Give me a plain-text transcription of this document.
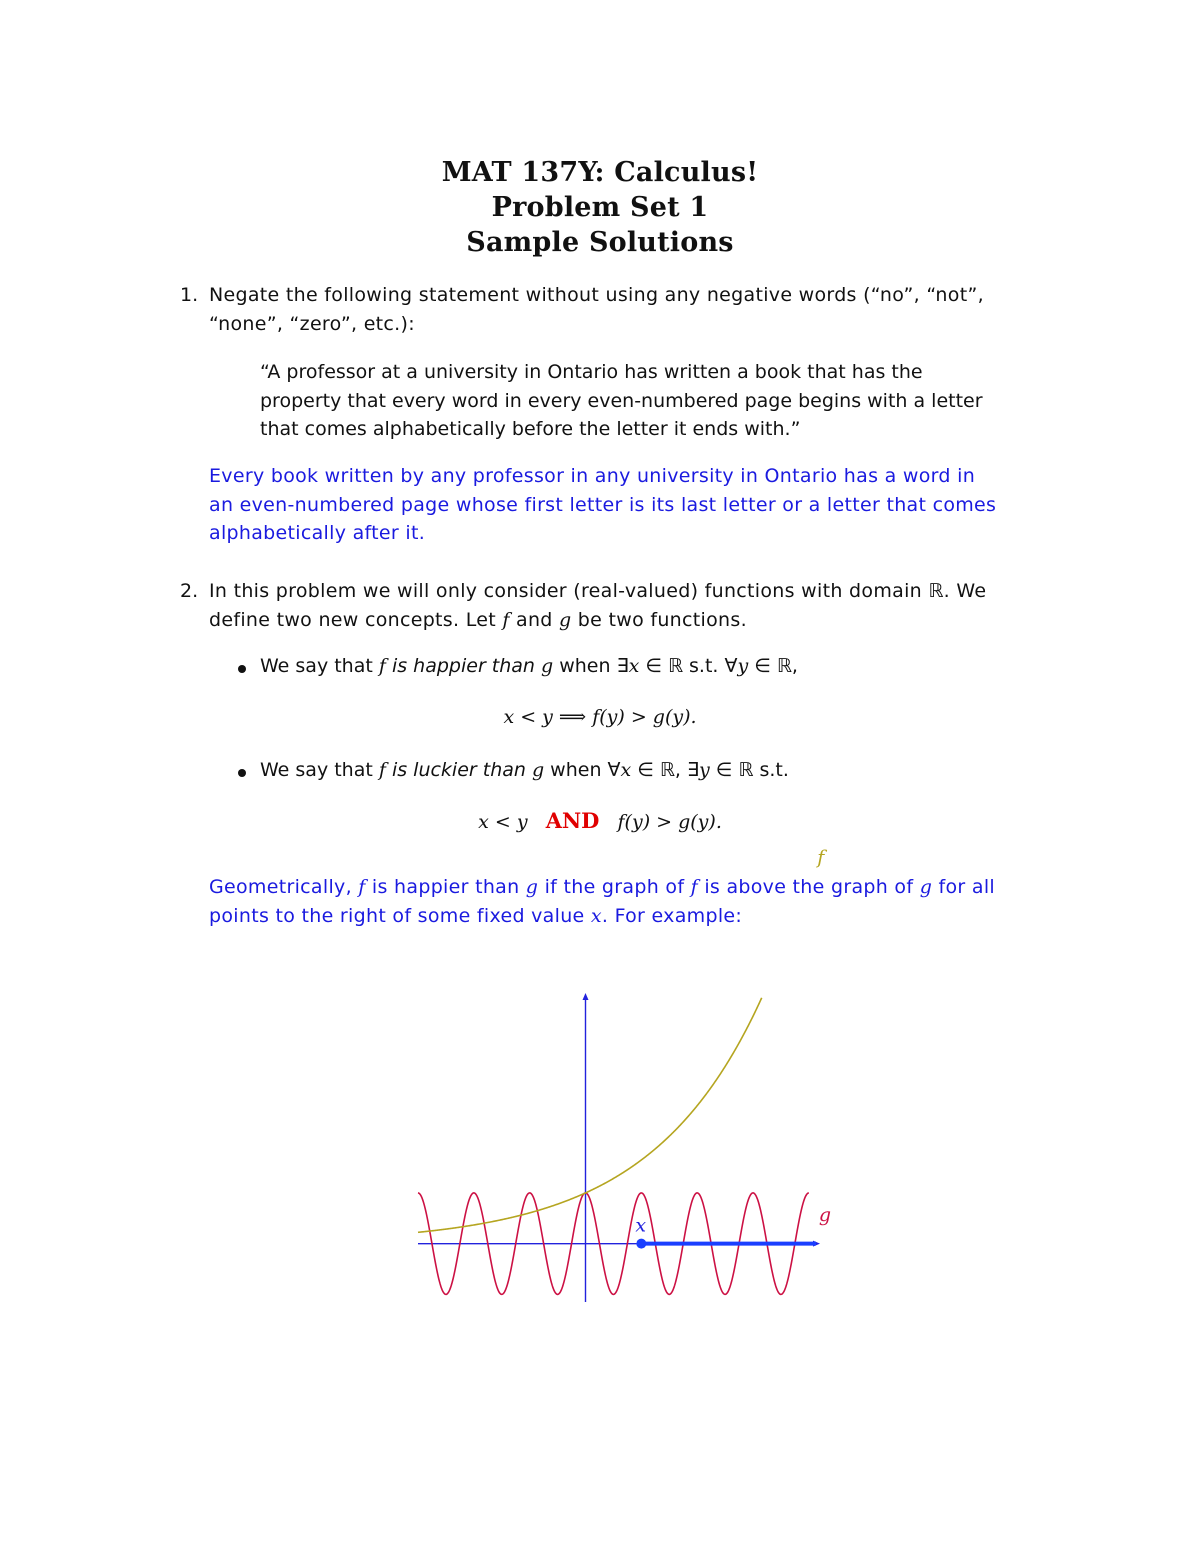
MAT 137Y: Calculus!
Problem Set 1
Sample Solutions
1. Negate the following statement without using any negative words (“no”, “not”,
“none”, “zero”, etc.):
“A professor at a university in Ontario has written a book that has the
property that every word in every even-numbered page begins with a letter
that comes alphabetically before the letter it ends with.”
Every book written by any professor in any university in Ontario has a word in
an even-numbered page whose first letter is its last letter or a letter that comes
alphabetically after it.
2. In this problem we will only consider (real-valued) functions with domain ℝ. We
define two new concepts. Let f and g be two functions.
We say that f is happier than g when ∃x ∈ ℝ s.t. ∀y ∈ ℝ,
x < y ⟹ f(y) > g(y).
We say that f is luckier than g when ∀x ∈ ℝ, ∃y ∈ ℝ s.t.
x < y AND f(y) > g(y).
Geometrically, f is happier than g if the graph of f is above the graph of g for all
points to the right of some fixed value x. For example:
f
g
x
